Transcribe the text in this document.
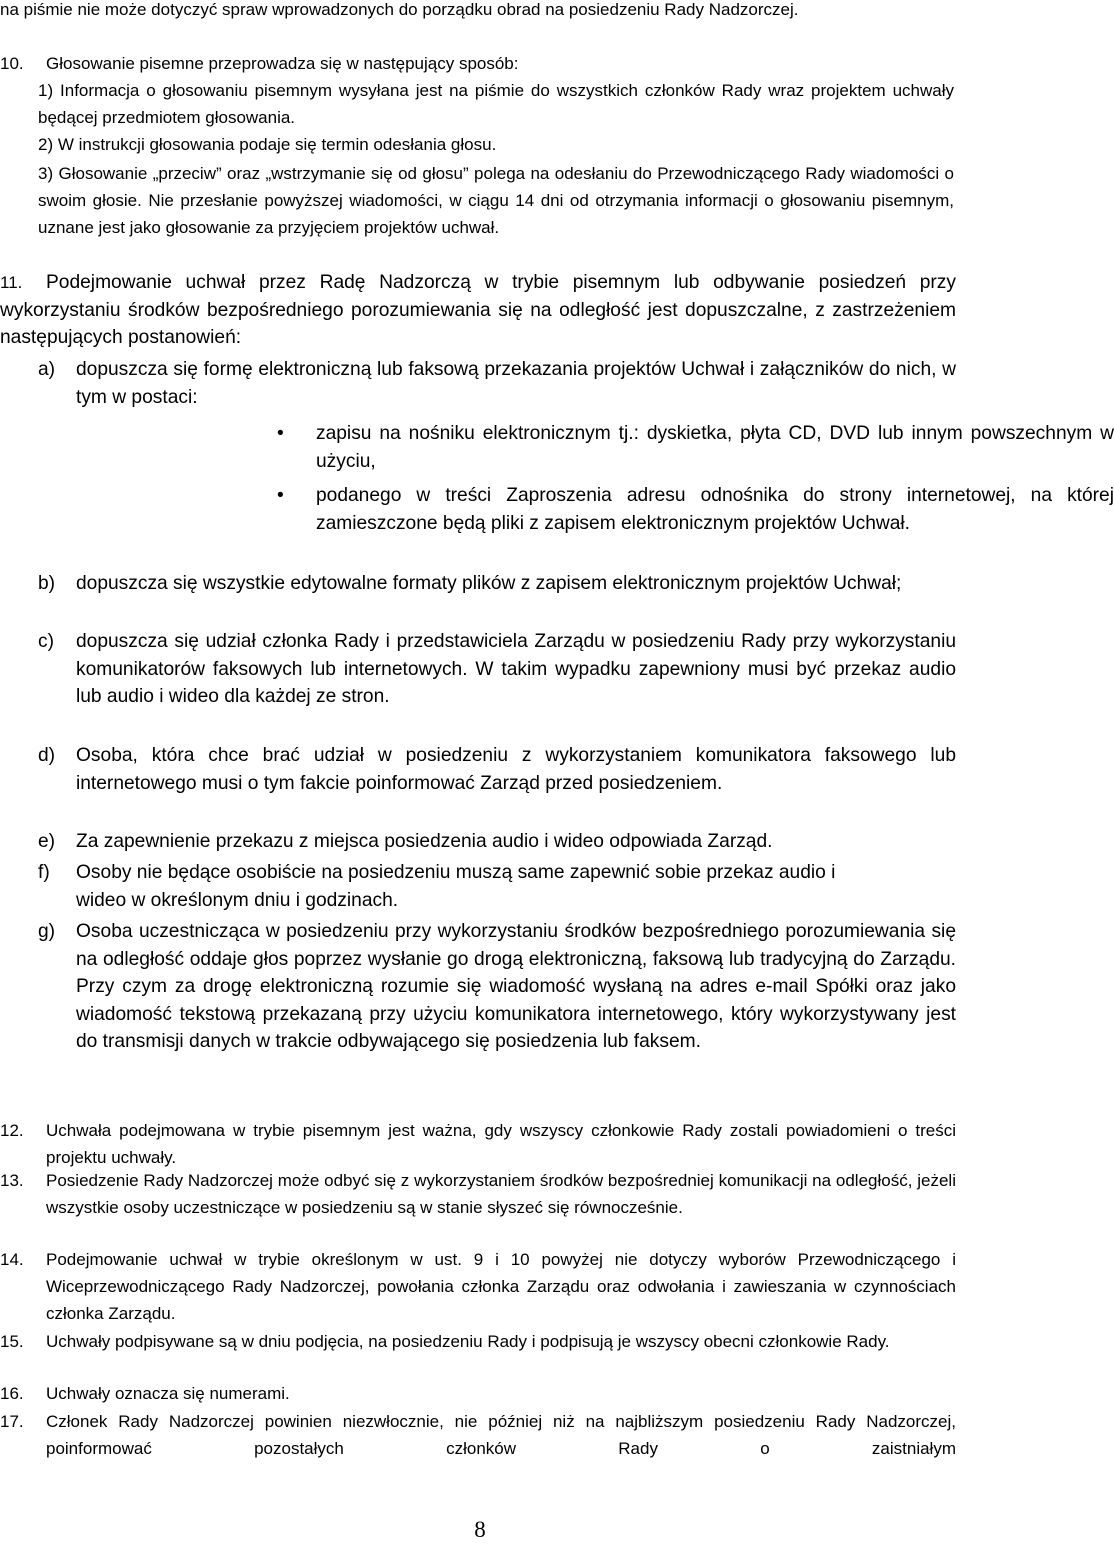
na piśmie nie może dotyczyć spraw wprowadzonych do porządku obrad na posiedzeniu Rady Nadzorczej.
10. Głosowanie pisemne przeprowadza się w następujący sposób:
1) Informacja o głosowaniu pisemnym wysyłana jest na piśmie do wszystkich członków Rady wraz projektem uchwały będącej przedmiotem głosowania.
2) W instrukcji głosowania podaje się termin odesłania głosu.
3) Głosowanie „przeciw” oraz „wstrzymanie się od głosu” polega na odesłaniu do Przewodniczącego Rady wiadomości o swoim głosie. Nie przesłanie powyższej wiadomości, w ciągu 14 dni od otrzymania informacji o głosowaniu pisemnym, uznane jest jako głosowanie za przyjęciem projektów uchwał.
11.	Podejmowanie uchwał przez Radę Nadzorczą w trybie pisemnym lub odbywanie posiedzeń przy wykorzystaniu środków bezpośredniego porozumiewania się na odległość jest dopuszczalne, z zastrzeżeniem następujących postanowień:
a) dopuszcza się formę elektroniczną lub faksową przekazania projektów Uchwał i załączników do nich, w tym w postaci:
• zapisu na nośniku elektronicznym tj.: dyskietka, płyta CD, DVD lub innym powszechnym w użyciu,
• podanego w treści Zaproszenia adresu odnośnika do strony internetowej, na której zamieszczone będą pliki z zapisem elektronicznym projektów Uchwał.
b) dopuszcza się wszystkie edytowalne formaty plików z zapisem elektronicznym projektów Uchwał;
c) dopuszcza się udział członka Rady i przedstawiciela Zarządu w posiedzeniu Rady przy wykorzystaniu komunikatorów faksowych lub internetowych. W takim wypadku zapewniony musi być przekaz audio lub audio i wideo dla każdej ze stron.
d) Osoba, która chce brać udział w posiedzeniu z wykorzystaniem komunikatora faksowego lub internetowego musi o tym fakcie poinformować Zarząd przed posiedzeniem.
e) Za zapewnienie przekazu z miejsca posiedzenia audio i wideo odpowiada Zarząd.
f) Osoby nie będące osobiście na posiedzeniu muszą same zapewnić sobie przekaz audio i wideo w określonym dniu i godzinach.
g) Osoba uczestnicząca w posiedzeniu przy wykorzystaniu środków bezpośredniego porozumiewania się na odległość oddaje głos poprzez wysłanie go drogą elektroniczną, faksową lub tradycyjną do Zarządu. Przy czym za drogę elektroniczną rozumie się wiadomość wysłaną na adres e-mail Spółki oraz jako wiadomość tekstową przekazaną przy użyciu komunikatora internetowego, który wykorzystywany jest do transmisji danych w trakcie odbywającego się posiedzenia lub faksem.
12. Uchwała podejmowana w trybie pisemnym jest ważna, gdy wszyscy członkowie Rady zostali powiadomieni o treści projektu uchwały.
13. Posiedzenie Rady Nadzorczej może odbyć się z wykorzystaniem środków bezpośredniej komunikacji na odległość, jeżeli wszystkie osoby uczestniczące w posiedzeniu są w stanie słyszeć się równocześnie.
14. Podejmowanie uchwał w trybie określonym w ust. 9 i 10 powyżej nie dotyczy wyborów Przewodniczącego i Wiceprzewodniczącego Rady Nadzorczej, powołania członka Zarządu oraz odwołania i zawieszania w czynnościach członka Zarządu.
15. Uchwały podpisywane są w dniu podjęcia, na posiedzeniu Rady i podpisują je wszyscy obecni członkowie Rady.
16. Uchwały oznacza się numerami.
17. Członek Rady Nadzorczej powinien niezwłocznie, nie później niż na najbliższym posiedzeniu Rady Nadzorczej, poinformować pozostałych członków Rady o zaistniałym
8
